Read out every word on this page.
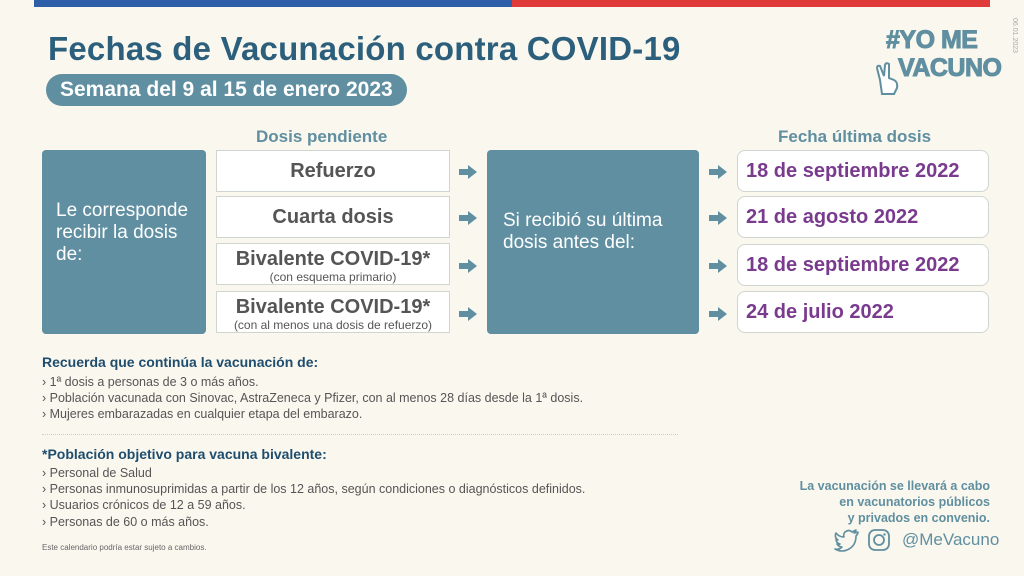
Fechas de Vacunación contra COVID-19
Semana del 9 al 15 de enero 2023
06.01.2023
#YO ME
VACUNO
Dosis pendiente	Fecha última dosis
Le corresponde recibir la dosis de:
Si recibió su última dosis antes del:
Refuerzo
Cuarta dosis
Bivalente COVID-19*
(con esquema primario)
Bivalente COVID-19*
(con al menos una dosis de refuerzo)
18 de septiembre 2022
21 de agosto 2022
18 de septiembre 2022
24 de julio 2022
Recuerda que continúa la vacunación de:
› 1ª dosis a personas de 3 o más años.
› Población vacunada con Sinovac, AstraZeneca y Pfizer, con al menos 28 días desde la 1ª dosis.
› Mujeres embarazadas en cualquier etapa del embarazo.
*Población objetivo para vacuna bivalente:
› Personal de Salud
› Personas inmunosuprimidas a partir de los 12 años, según condiciones o diagnósticos definidos.
› Usuarios crónicos de 12 a 59 años.
› Personas de 60 o más años.
Este calendario podría estar sujeto a cambios.
La vacunación se llevará a cabo
en vacunatorios públicos
y privados en convenio.
@MeVacuno
